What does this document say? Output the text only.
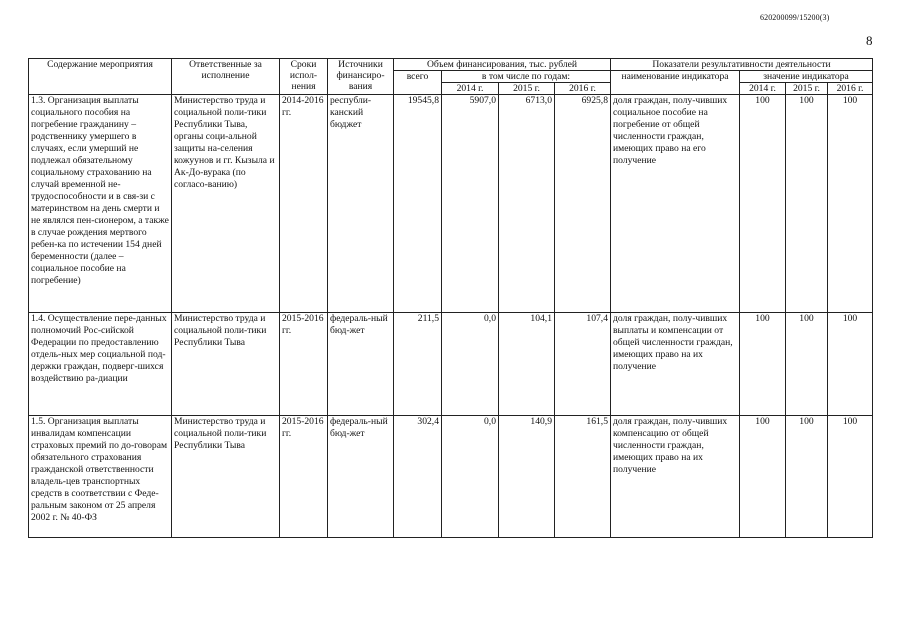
620200099/15200(3)
8
Содержание мероприятия	Ответственные за исполнение	Сроки испол-нения	Источники финансиро-вания	Объем финансирования, тыс. рублей				Показатели результативности деятельности			
				всего	в том числе по годам:			наименование индикатора	значение индикатора		
					2014 г.	2015 г.	2016 г.		2014 г.	2015 г.	2016 г.
1.3. Организация выплаты социального пособия на погребение гражданину – родственнику умершего в случаях, если умерший не подлежал обязательному социальному страхованию на случай временной не-трудоспособности и в свя-зи с материнством на день смерти и не являлся пен-сионером, а также в случае рождения мертвого ребен-ка по истечении 154 дней беременности (далее – социальное пособие на погребение)	Министерство труда и социальной поли-тики Республики Тыва, органы соци-альной защиты на-селения кожуунов и гг. Кызыла и Ак-До-вурака (по согласо-ванию)	2014-2016 гг.	республи-канский бюджет	19545,8	5907,0	6713,0	6925,8	доля граждан, полу-чивших социальное пособие на погребение от общей численности граждан, имеющих право на его получение	100	100	100
1.4. Осуществление пере-данных полномочий Рос-сийской Федерации по предоставлению отдель-ных мер социальной под-держки граждан, подверг-шихся воздействию ра-диации	Министерство труда и социальной поли-тики Республики Тыва	2015-2016 гг.	федераль-ный бюд-жет	211,5	0,0	104,1	107,4	доля граждан, полу-чивших выплаты и компенсации от общей численности граждан, имеющих право на их получение	100	100	100
1.5. Организация выплаты инвалидам компенсации страховых премий по до-говорам обязательного страхования гражданской ответственности владель-цев транспортных средств в соответствии с Феде-ральным законом от 25 апреля 2002 г. № 40-ФЗ	Министерство труда и социальной поли-тики Республики Тыва	2015-2016 гг.	федераль-ный бюд-жет	302,4	0,0	140,9	161,5	доля граждан, полу-чивших компенсацию от общей численности граждан, имеющих право на их получение	100	100	100
